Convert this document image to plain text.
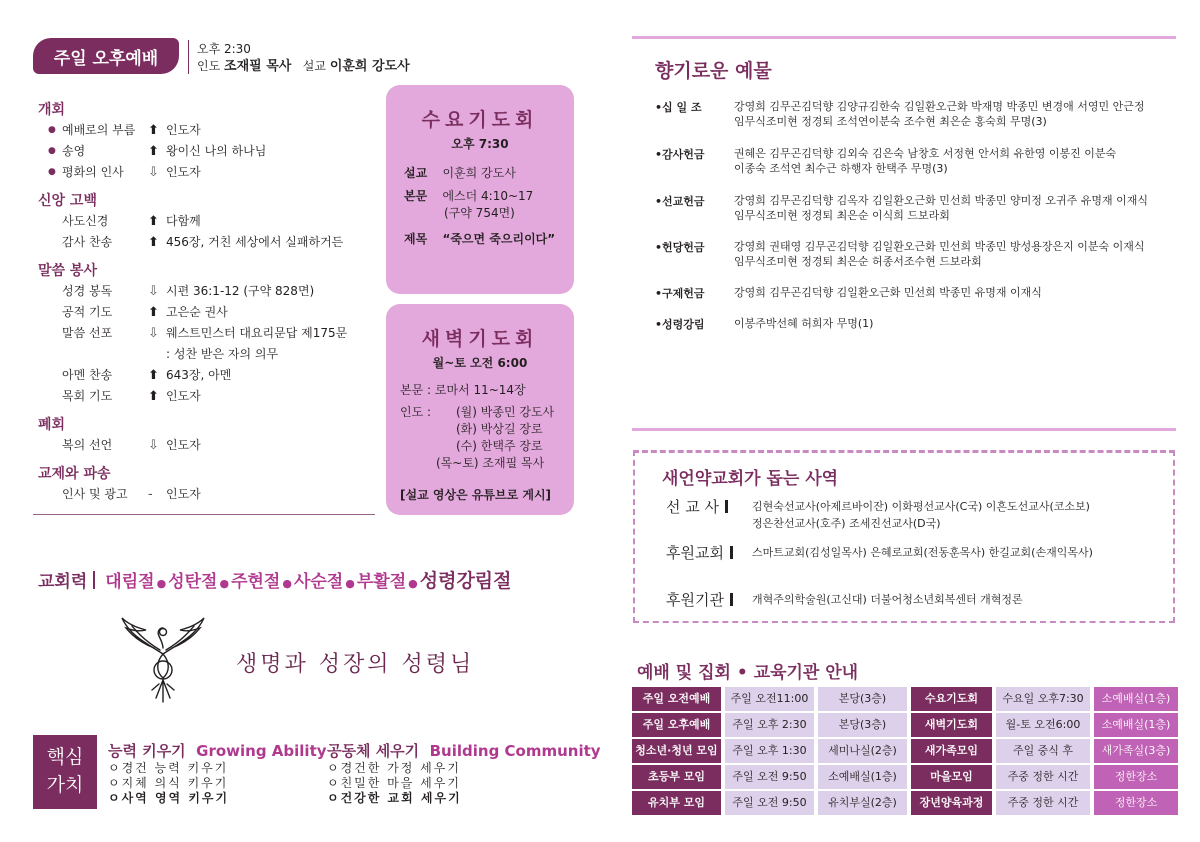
주일 오후예배	오후 2:30
인도 조재필 목사 설교 이훈희 강도사
개회
● 예배로의 부름 ⬆ 인도자
● 송영	⬆ 왕이신 나의 하나님
● 평화의 인사 ⇩ 인도자
신앙 고백
사도신경	⬆ 다함께
감사 찬송	⬆ 456장, 거친 세상에서 실패하거든
말씀 봉사
성경 봉독	⇩ 시편 36:1-12 (구약 828면)
공적 기도	⬆ 고은순 권사
말씀 선포	⇩ 웨스트민스터 대요리문답 제175문
: 성찬 받은 자의 의무
아멘 찬송	⬆ 643장, 아멘
목회 기도	⬆ 인도자
폐회
복의 선언	⇩ 인도자
교제와 파송
인사 및 광고 - 인도자
수요기도회
오후 7:30
설교 이훈희 강도사
본문 에스더 4:10~17
(구약 754면)
제목 “죽으면 죽으리이다”
새벽기도회
월~토 오전 6:00
본문 : 로마서 11~14장
인도 : (월) 박종민 강도사
(화) 박상길 장로
(수) 한택주 장로
(목~토) 조재필 목사
[설교 영상은 유튜브로 게시]
교회력 대림절 ● 성탄절 ● 주현절 ● 사순절 ● 부활절 ● 성령강림절
생명과 성장의 성령님
핵심
가치
능력 키우기 Growing Ability
ㅇ경건 능력 키우기
ㅇ지체 의식 키우기
ㅇ사역 영역 키우기
공동체 세우기 Building Community
ㅇ경건한 가정 세우기
ㅇ친밀한 마을 세우기
ㅇ건강한 교회 세우기
향기로운 예물
•십 일 조	강영희 김무곤김덕향 김양규김한숙 김일환오근화 박재명 박종민 변경애 서영민 안근정
임무식조미현 정경퇴 조석연이분숙 조수현 최은순 홍숙희 무명(3)
•감사헌금	권혜은 김무곤김덕향 김외숙 김은숙 남창호 서정현 안서희 유한영 이봉진 이분숙
이종숙 조석연 최수근 하행자 한택주 무명(3)
•선교헌금	강영희 김무곤김덕향 김옥자 김일환오근화 민선희 박종민 양미정 오귀주 유명재 이재식
임무식조미현 정경퇴 최은순 이식희 드보라회
•헌당헌금	강영희 권태영 김무곤김덕향 김일환오근화 민선희 박종민 방성용장은지 이분숙 이재식
임무식조미현 정경퇴 최은순 허종서조수현 드보라회
•구제헌금	강영희 김무곤김덕향 김일환오근화 민선희 박종민 유명재 이재식
•성령강림	이봉주박선혜 허희자 무명(1)
새언약교회가 돕는 사역
선 교 사	김현숙선교사(아제르바이잔) 이화평선교사(C국) 이흔도선교사(코소보)
정은찬선교사(호주) 조세진선교사(D국)
후원교회	스마트교회(김성일목사) 은혜로교회(전동훈목사) 한길교회(손재익목사)
후원기관	개혁주의학술원(고신대) 더불어청소년회복센터 개혁정론
예배 및 집회 • 교육기관 안내
주일 오전예배	주일 오전11:00	본당(3층)	수요기도회	수요일 오후7:30	소예배실(1층)
주일 오후예배	주일 오후 2:30	본당(3층)	새벽기도회	월-토 오전6:00	소예배실(1층)
청소년·청년 모임	주일 오후 1:30	세미나실(2층)	새가족모임	주일 중식 후	새가족실(3층)
초등부 모임	주일 오전 9:50	소예배실(1층)	마을모임	주중 정한 시간	정한장소
유치부 모임	주일 오전 9:50	유치부실(2층)	장년양육과정	주중 정한 시간	정한장소
